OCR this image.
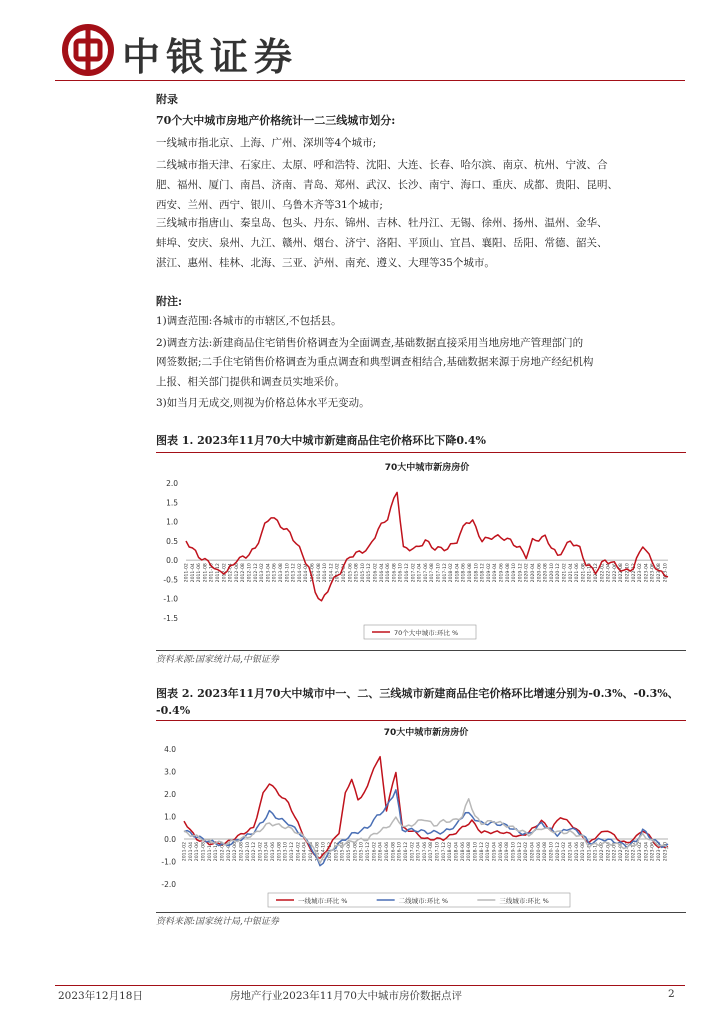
中银证券
附录
70个大中城市房地产价格统计一二三线城市划分:
一线城市指北京、上海、广州、深圳等4个城市;
二线城市指天津、石家庄、太原、呼和浩特、沈阳、大连、长春、哈尔滨、南京、杭州、宁波、合
肥、福州、厦门、南昌、济南、青岛、郑州、武汉、长沙、南宁、海口、重庆、成都、贵阳、昆明、
西安、兰州、西宁、银川、乌鲁木齐等31个城市;
三线城市指唐山、秦皇岛、包头、丹东、锦州、吉林、牡丹江、无锡、徐州、扬州、温州、金华、
蚌埠、安庆、泉州、九江、赣州、烟台、济宁、洛阳、平顶山、宜昌、襄阳、岳阳、常德、韶关、
湛江、惠州、桂林、北海、三亚、泸州、南充、遵义、大理等35个城市。
附注:
1)调查范围:各城市的市辖区,不包括县。
2)调查方法:新建商品住宅销售价格调查为全面调查,基础数据直接采用当地房地产管理部门的
网签数据;二手住宅销售价格调查为重点调查和典型调查相结合,基础数据来源于房地产经纪机构
上报、相关部门提供和调查员实地采价。
3)如当月无成交,则视为价格总体水平无变动。
图表 1. 2023年11月70大中城市新建商品住宅价格环比下降0.4%
70大中城市新房房价
2.0
1.5
1.0
0.5
0.0
-0.5
-1.0
-1.5
2011-02 2011-04 2011-06 2011-08 2011-10 2011-12 2012-02 2012-04 2012-06 2012-08 2012-10 2012-12 2013-02 2013-04 2013-06 2013-08 2013-10 2013-12 2014-02 2014-04 2014-06 2014-08 2014-10 2014-12 2015-02 2015-04 2015-06 2015-08 2015-10 2015-12 2016-02 2016-04 2016-06 2016-08 2016-10 2016-12 2017-02 2017-04 2017-06 2017-08 2017-10 2017-12 2018-02 2018-04 2018-06 2018-08 2018-10 2018-12 2019-02 2019-04 2019-06 2019-08 2019-10 2019-12 2020-02 2020-04 2020-06 2020-08 2020-10 2020-12 2021-02 2021-04 2021-06 2021-08 2021-10 2021-12 2022-02 2022-04 2022-06 2022-08 2022-10 2022-12 2023-02 2023-04 2023-06 2023-08 2023-10
70个大中城市:环比 %
资料来源:国家统计局,中银证券
图表 2. 2023年11月70大中城市中一、二、三线城市新建商品住宅价格环比增速分别为-0.3%、-0.3%、
-0.4%
70大中城市新房房价
4.0
3.0
2.0
1.0
0.0
-1.0
-2.0
2011-02 2011-04 2011-06 2011-08 2011-10 2011-12 2012-02 2012-04 2012-06 2012-08 2012-10 2012-12 2013-02 2013-04 2013-06 2013-08 2013-10 2013-12 2014-02 2014-04 2014-06 2014-08 2014-10 2014-12 2015-02 2015-04 2015-06 2015-08 2015-10 2015-12 2016-02 2016-04 2016-06 2016-08 2016-10 2016-12 2017-02 2017-04 2017-06 2017-08 2017-10 2017-12 2018-02 2018-04 2018-06 2018-08 2018-10 2018-12 2019-02 2019-04 2019-06 2019-08 2019-10 2019-12 2020-02 2020-04 2020-06 2020-08 2020-10 2020-12 2021-02 2021-04 2021-06 2021-08 2021-10 2021-12 2022-02 2022-04 2022-06 2022-08 2022-10 2022-12 2023-02 2023-04 2023-06 2023-08 2023-10
一线城市:环比 %	二线城市:环比 %	三线城市:环比 %
资料来源:国家统计局,中银证券
2023年12月18日	房地产行业2023年11月70大中城市房价数据点评	2
